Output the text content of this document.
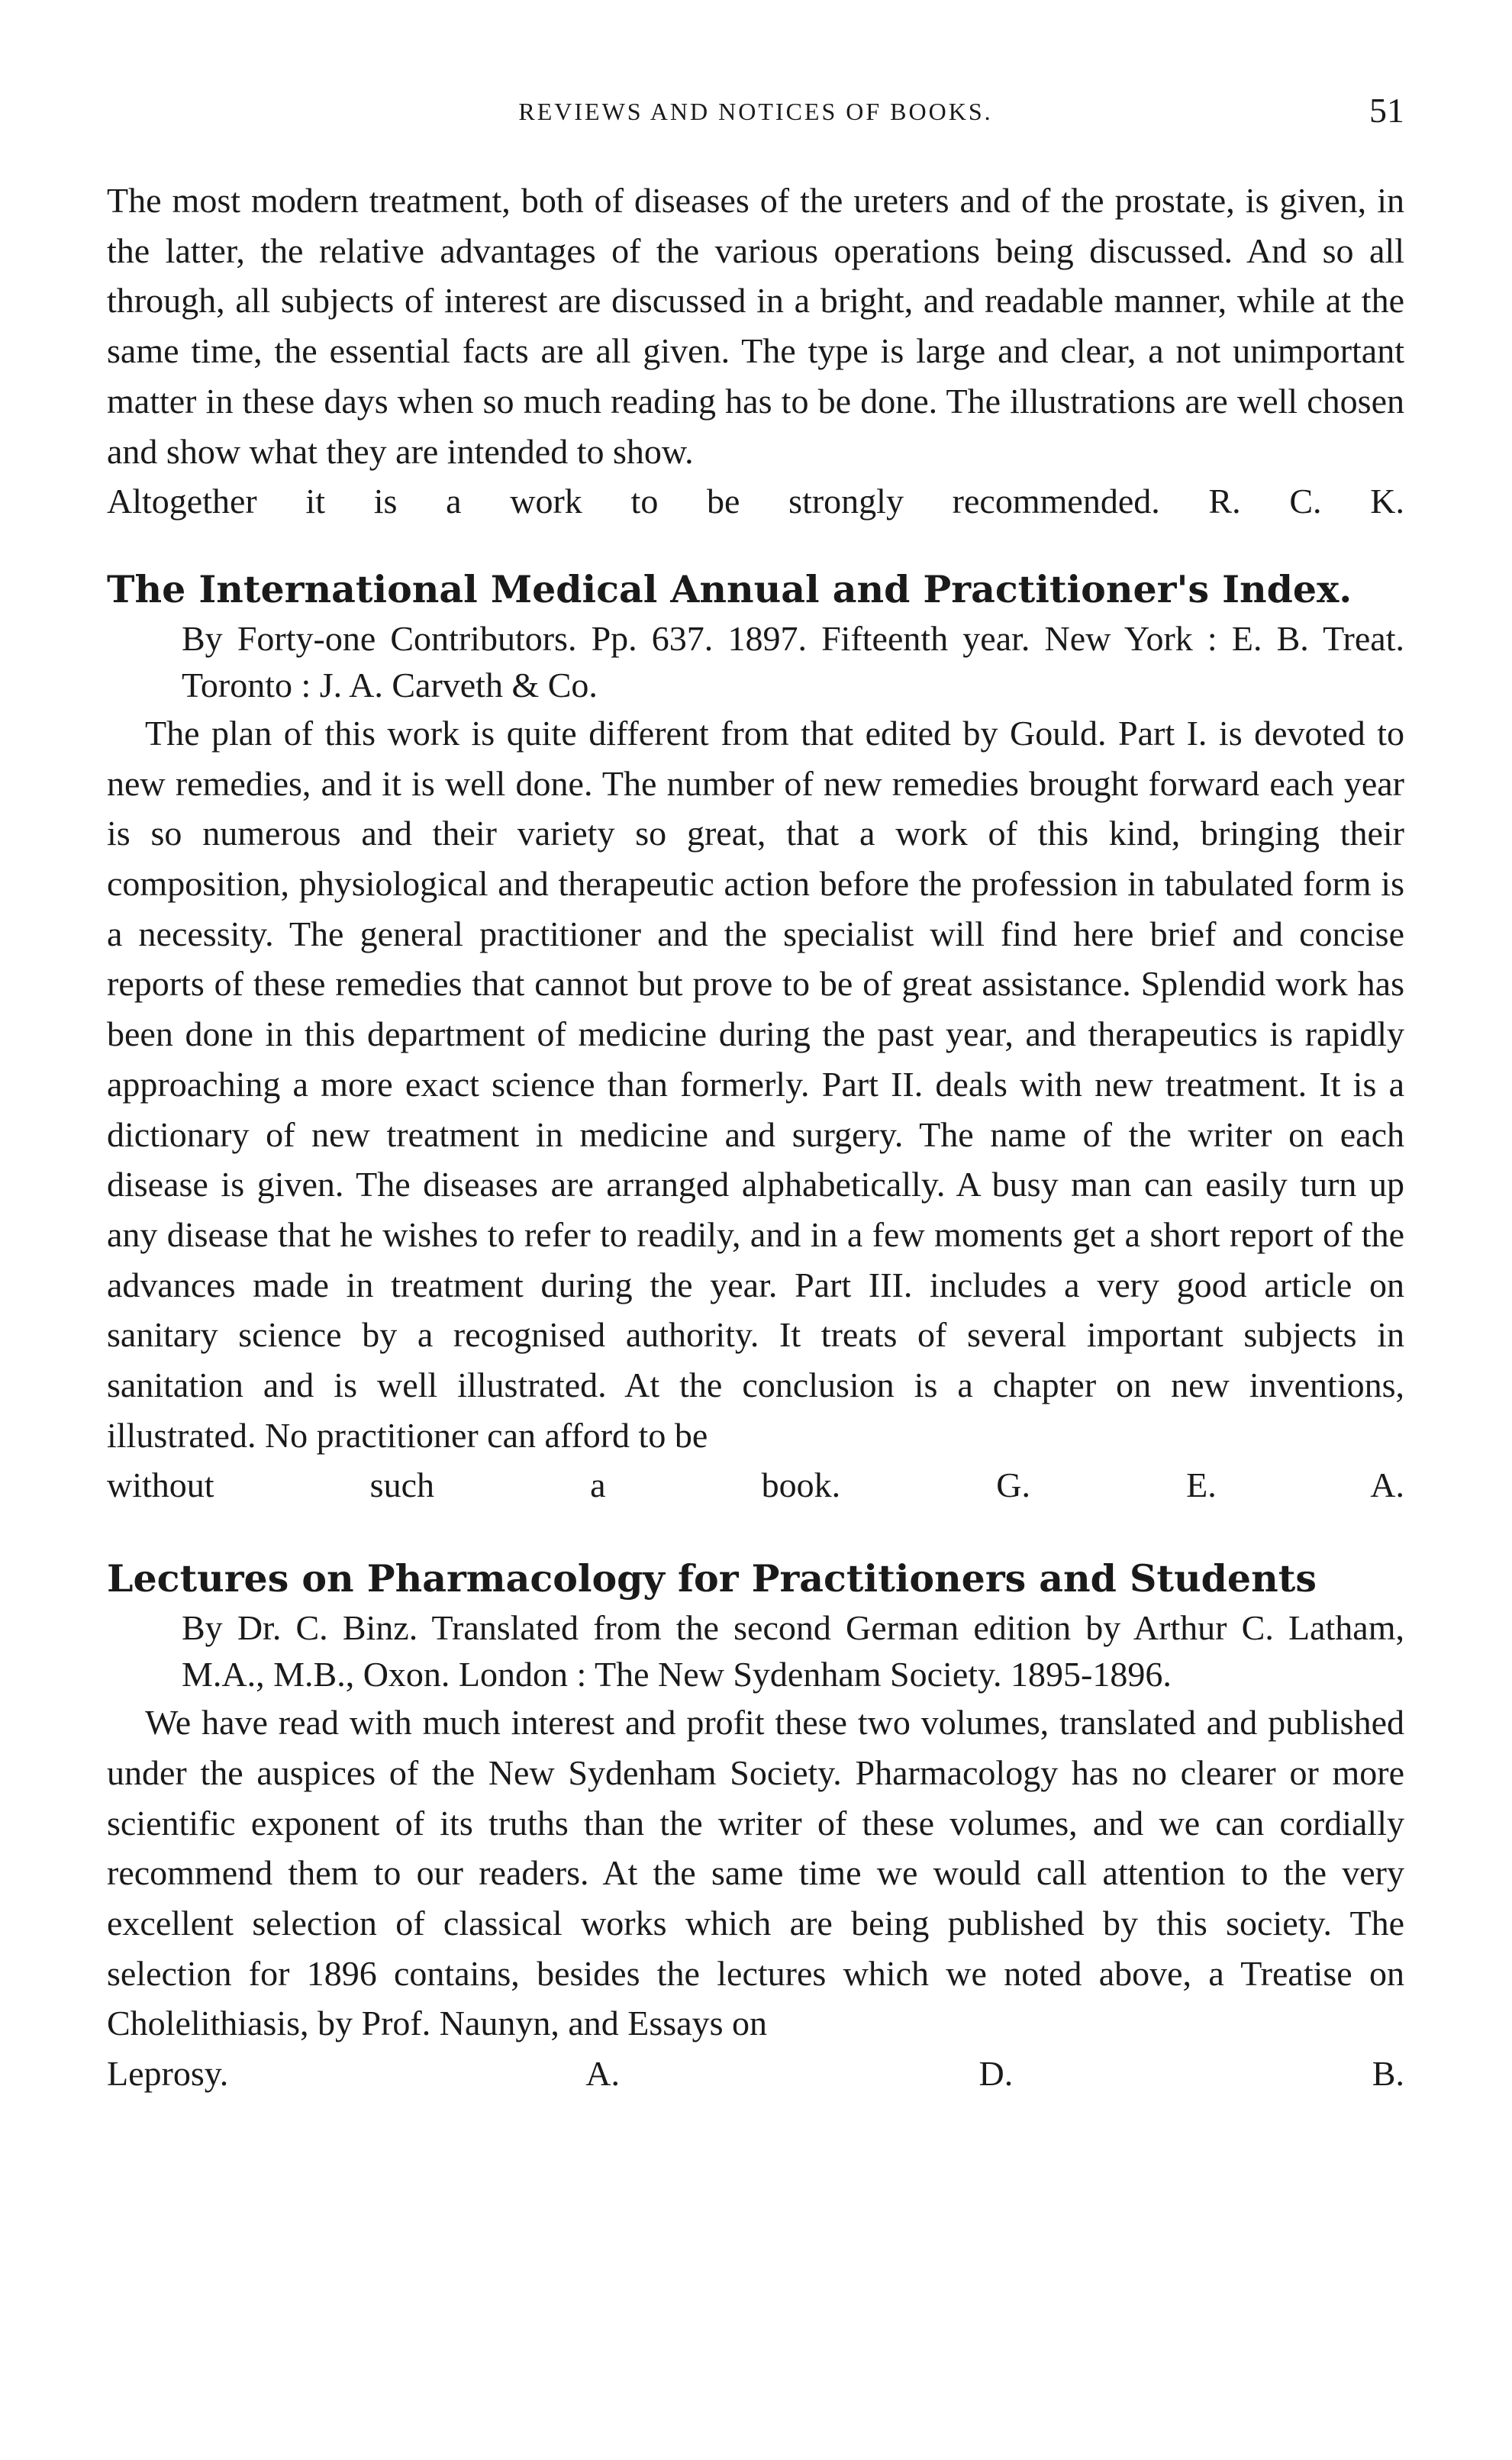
REVIEWS AND NOTICES OF BOOKS.	51

The most modern treatment, both of diseases of the ureters and of the prostate, is given, in the latter, the relative advantages of the various operations being discussed. And so all through, all subjects of interest are discussed in a bright, and readable manner, while at the same time, the essential facts are all given. The type is large and clear, a not unimportant matter in these days when so much reading has to be done. The illustrations are well chosen and show what they are intended to show.

Altogether it is a work to be strongly recommended. R. C. K.

The International Medical Annual and Practitioner's Index.

By Forty-one Contributors. Pp. 637. 1897. Fifteenth year. New York : E. B. Treat. Toronto : J. A. Carveth & Co.

The plan of this work is quite different from that edited by Gould. Part I. is devoted to new remedies, and it is well done. The number of new remedies brought forward each year is so numerous and their variety so great, that a work of this kind, bringing their composition, physiological and therapeutic action before the profession in tabulated form is a necessity. The general practitioner and the specialist will find here brief and concise reports of these remedies that cannot but prove to be of great assistance. Splendid work has been done in this department of medicine during the past year, and therapeutics is rapidly approaching a more exact science than formerly. Part II. deals with new treatment. It is a dictionary of new treatment in medicine and surgery. The name of the writer on each disease is given. The diseases are arranged alphabetically. A busy man can easily turn up any disease that he wishes to refer to readily, and in a few moments get a short report of the advances made in treatment during the year. Part III. includes a very good article on sanitary science by a recognised authority. It treats of several important subjects in sanitation and is well illustrated. At the conclusion is a chapter on new inventions, illustrated. No practitioner can afford to be

without such a book.	G. E. A.

Lectures on Pharmacology for Practitioners and Students

By Dr. C. Binz. Translated from the second German edition by Arthur C. Latham, M.A., M.B., Oxon. London : The New Sydenham Society. 1895-1896.

We have read with much interest and profit these two volumes, translated and published under the auspices of the New Sydenham Society. Pharmacology has no clearer or more scientific exponent of its truths than the writer of these volumes, and we can cordially recommend them to our readers. At the same time we would call attention to the very excellent selection of classical works which are being published by this society. The selection for 1896 contains, besides the lectures which we noted above, a Treatise on Cholelithiasis, by Prof. Naunyn, and Essays on

Leprosy.	A. D. B.
